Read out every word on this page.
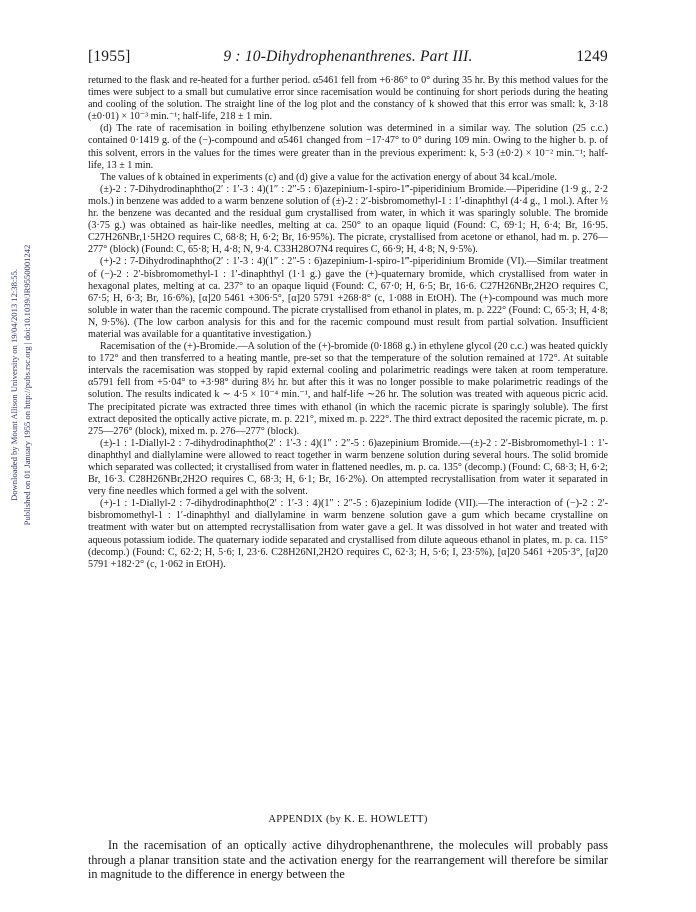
Downloaded by Mount Allison University on 19/04/2013 12:38:55. Published on 01 January 1955 on http://pubs.rsc.org | doi:10.1039/JR9550001242
[1955]	9 : 10-Dihydrophenanthrenes. Part III.	1249

returned to the flask and re-heated for a further period. α5461 fell from +6·86° to 0° during 35 hr. By this method values for the times were subject to a small but cumulative error since racemisation would be continuing for short periods during the heating and cooling of the solution. The straight line of the log plot and the constancy of k showed that this error was small: k, 3·18 (±0·01) × 10⁻³ min.⁻¹; half-life, 218 ± 1 min.

(d) The rate of racemisation in boiling ethylbenzene solution was determined in a similar way. The solution (25 c.c.) contained 0·1419 g. of the (−)-compound and α5461 changed from −17·47° to 0° during 109 min. Owing to the higher b. p. of this solvent, errors in the values for the times were greater than in the previous experiment: k, 5·3 (±0·2) × 10⁻² min.⁻¹; half-life, 13 ± 1 min.

The values of k obtained in experiments (c) and (d) give a value for the activation energy of about 34 kcal./mole.

(±)-2 : 7-Dihydrodinaphtho(2′ : 1′-3 : 4)(1″ : 2″-5 : 6)azepinium-1-spiro-1‴-piperidinium Bromide.—Piperidine (1·9 g., 2·2 mols.) in benzene was added to a warm benzene solution of (±)-2 : 2′-bisbromomethyl-1 : 1′-dinaphthyl (4·4 g., 1 mol.). After ½ hr. the benzene was decanted and the residual gum crystallised from water, in which it was sparingly soluble. The bromide (3·75 g.) was obtained as hair-like needles, melting at ca. 250° to an opaque liquid (Found: C, 69·1; H, 6·4; Br, 16·95. C27H26NBr,1·5H2O requires C, 68·8; H, 6·2; Br, 16·95%). The picrate, crystallised from acetone or ethanol, had m. p. 276—277° (block) (Found: C, 65·8; H, 4·8; N, 9·4. C33H28O7N4 requires C, 66·9; H, 4·8; N, 9·5%).

(+)-2 : 7-Dihydrodinaphtho(2′ : 1′-3 : 4)(1″ : 2″-5 : 6)azepinium-1-spiro-1‴-piperidinium Bromide (VI).—Similar treatment of (−)-2 : 2′-bisbromomethyl-1 : 1′-dinaphthyl (1·1 g.) gave the (+)-quaternary bromide, which crystallised from water in hexagonal plates, melting at ca. 237° to an opaque liquid (Found: C, 67·0; H, 6·5; Br, 16·6. C27H26NBr,2H2O requires C, 67·5; H, 6·3; Br, 16·6%), [α]20 5461 +306·5°, [α]20 5791 +268·8° (c, 1·088 in EtOH). The (+)-compound was much more soluble in water than the racemic compound. The picrate crystallised from ethanol in plates, m. p. 222° (Found: C, 65·3; H, 4·8; N, 9·5%). (The low carbon analysis for this and for the racemic compound must result from partial solvation. Insufficient material was available for a quantitative investigation.)

Racemisation of the (+)-Bromide.—A solution of the (+)-bromide (0·1868 g.) in ethylene glycol (20 c.c.) was heated quickly to 172° and then transferred to a heating mantle, pre-set so that the temperature of the solution remained at 172°. At suitable intervals the racemisation was stopped by rapid external cooling and polarimetric readings were taken at room temperature. α5791 fell from +5·04° to +3·98° during 8½ hr. but after this it was no longer possible to make polarimetric readings of the solution. The results indicated k ∼ 4·5 × 10⁻⁴ min.⁻¹, and half-life ∼26 hr. The solution was treated with aqueous picric acid. The precipitated picrate was extracted three times with ethanol (in which the racemic picrate is sparingly soluble). The first extract deposited the optically active picrate, m. p. 221°, mixed m. p. 222°. The third extract deposited the racemic picrate, m. p. 275—276° (block), mixed m. p. 276—277° (block).

(±)-1 : 1-Diallyl-2 : 7-dihydrodinaphtho(2′ : 1′-3 : 4)(1″ : 2″-5 : 6)azepinium Bromide.—(±)-2 : 2′-Bisbromomethyl-1 : 1′-dinaphthyl and diallylamine were allowed to react together in warm benzene solution during several hours. The solid bromide which separated was collected; it crystallised from water in flattened needles, m. p. ca. 135° (decomp.) (Found: C, 68·3; H, 6·2; Br, 16·3. C28H26NBr,2H2O requires C, 68·3; H, 6·1; Br, 16·2%). On attempted recrystallisation from water it separated in very fine needles which formed a gel with the solvent.

(+)-1 : 1-Diallyl-2 : 7-dihydrodinaphtho(2′ : 1′-3 : 4)(1″ : 2″-5 : 6)azepinium Iodide (VII).—The interaction of (−)-2 : 2′-bisbromomethyl-1 : 1′-dinaphthyl and diallylamine in warm benzene solution gave a gum which became crystalline on treatment with water but on attempted recrystallisation from water gave a gel. It was dissolved in hot water and treated with aqueous potassium iodide. The quaternary iodide separated and crystallised from dilute aqueous ethanol in plates, m. p. ca. 115° (decomp.) (Found: C, 62·2; H, 5·6; I, 23·6. C28H26NI,2H2O requires C, 62·3; H, 5·6; I, 23·5%), [α]20 5461 +205·3°, [α]20 5791 +182·2° (c, 1·062 in EtOH).

APPENDIX (by K. E. HOWLETT)

In the racemisation of an optically active dihydrophenanthrene, the molecules will probably pass through a planar transition state and the activation energy for the rearrangement will therefore be similar in magnitude to the difference in energy between the
